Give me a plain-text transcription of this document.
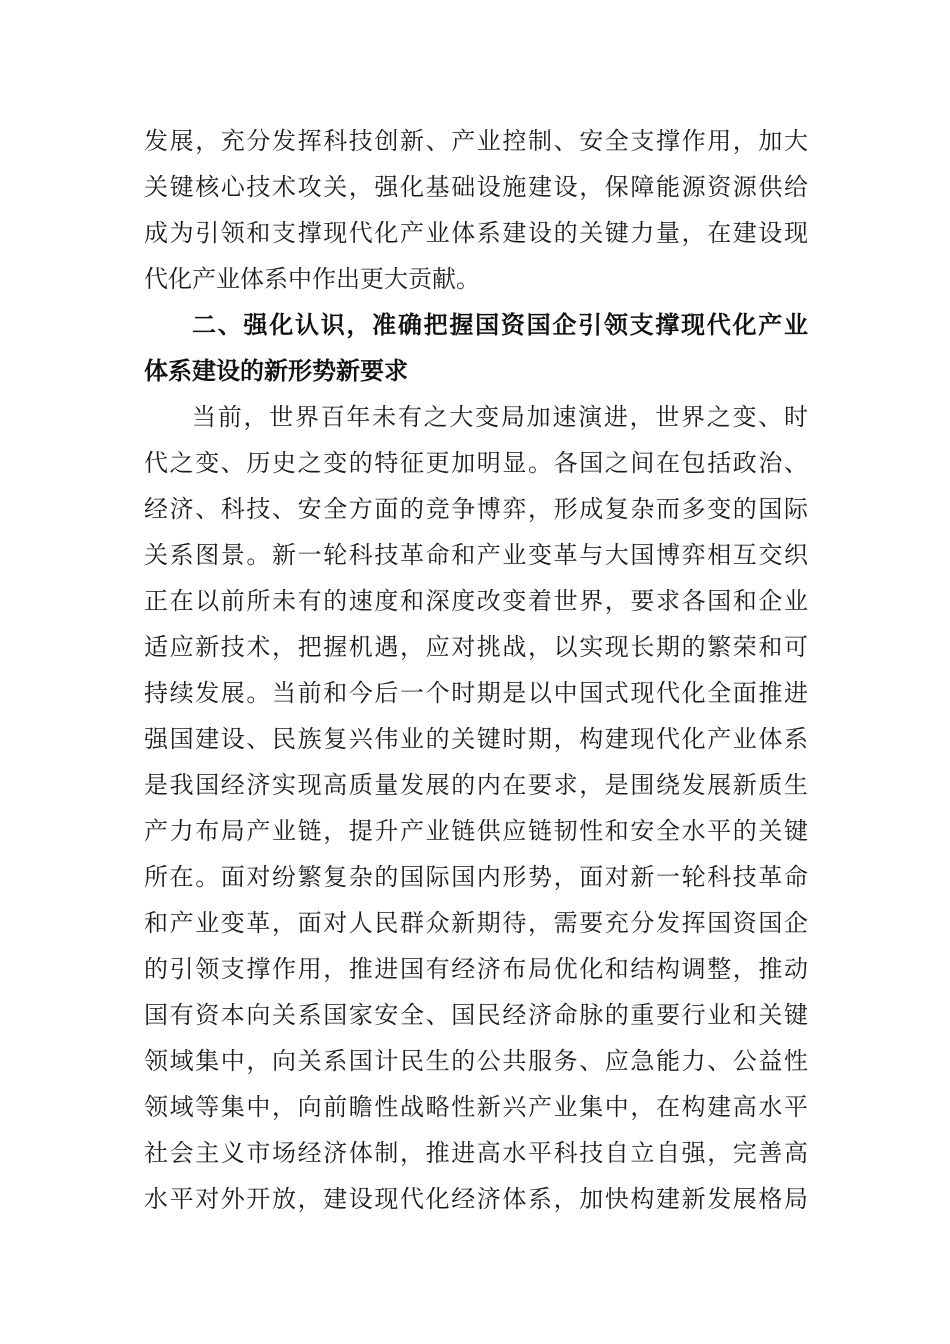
发展，充分发挥科技创新、产业控制、安全支撑作用，加大
关键核心技术攻关，强化基础设施建设，保障能源资源供给
成为引领和支撑现代化产业体系建设的关键力量，在建设现
代化产业体系中作出更大贡献。
二、强化认识，准确把握国资国企引领支撑现代化产业
体系建设的新形势新要求
当前，世界百年未有之大变局加速演进，世界之变、时
代之变、历史之变的特征更加明显。各国之间在包括政治、
经济、科技、安全方面的竞争博弈，形成复杂而多变的国际
关系图景。新一轮科技革命和产业变革与大国博弈相互交织
正在以前所未有的速度和深度改变着世界，要求各国和企业
适应新技术，把握机遇，应对挑战，以实现长期的繁荣和可
持续发展。当前和今后一个时期是以中国式现代化全面推进
强国建设、民族复兴伟业的关键时期，构建现代化产业体系
是我国经济实现高质量发展的内在要求，是围绕发展新质生
产力布局产业链，提升产业链供应链韧性和安全水平的关键
所在。面对纷繁复杂的国际国内形势，面对新一轮科技革命
和产业变革，面对人民群众新期待，需要充分发挥国资国企
的引领支撑作用，推进国有经济布局优化和结构调整，推动
国有资本向关系国家安全、国民经济命脉的重要行业和关键
领域集中，向关系国计民生的公共服务、应急能力、公益性
领域等集中，向前瞻性战略性新兴产业集中，在构建高水平
社会主义市场经济体制，推进高水平科技自立自强，完善高
水平对外开放，建设现代化经济体系，加快构建新发展格局
